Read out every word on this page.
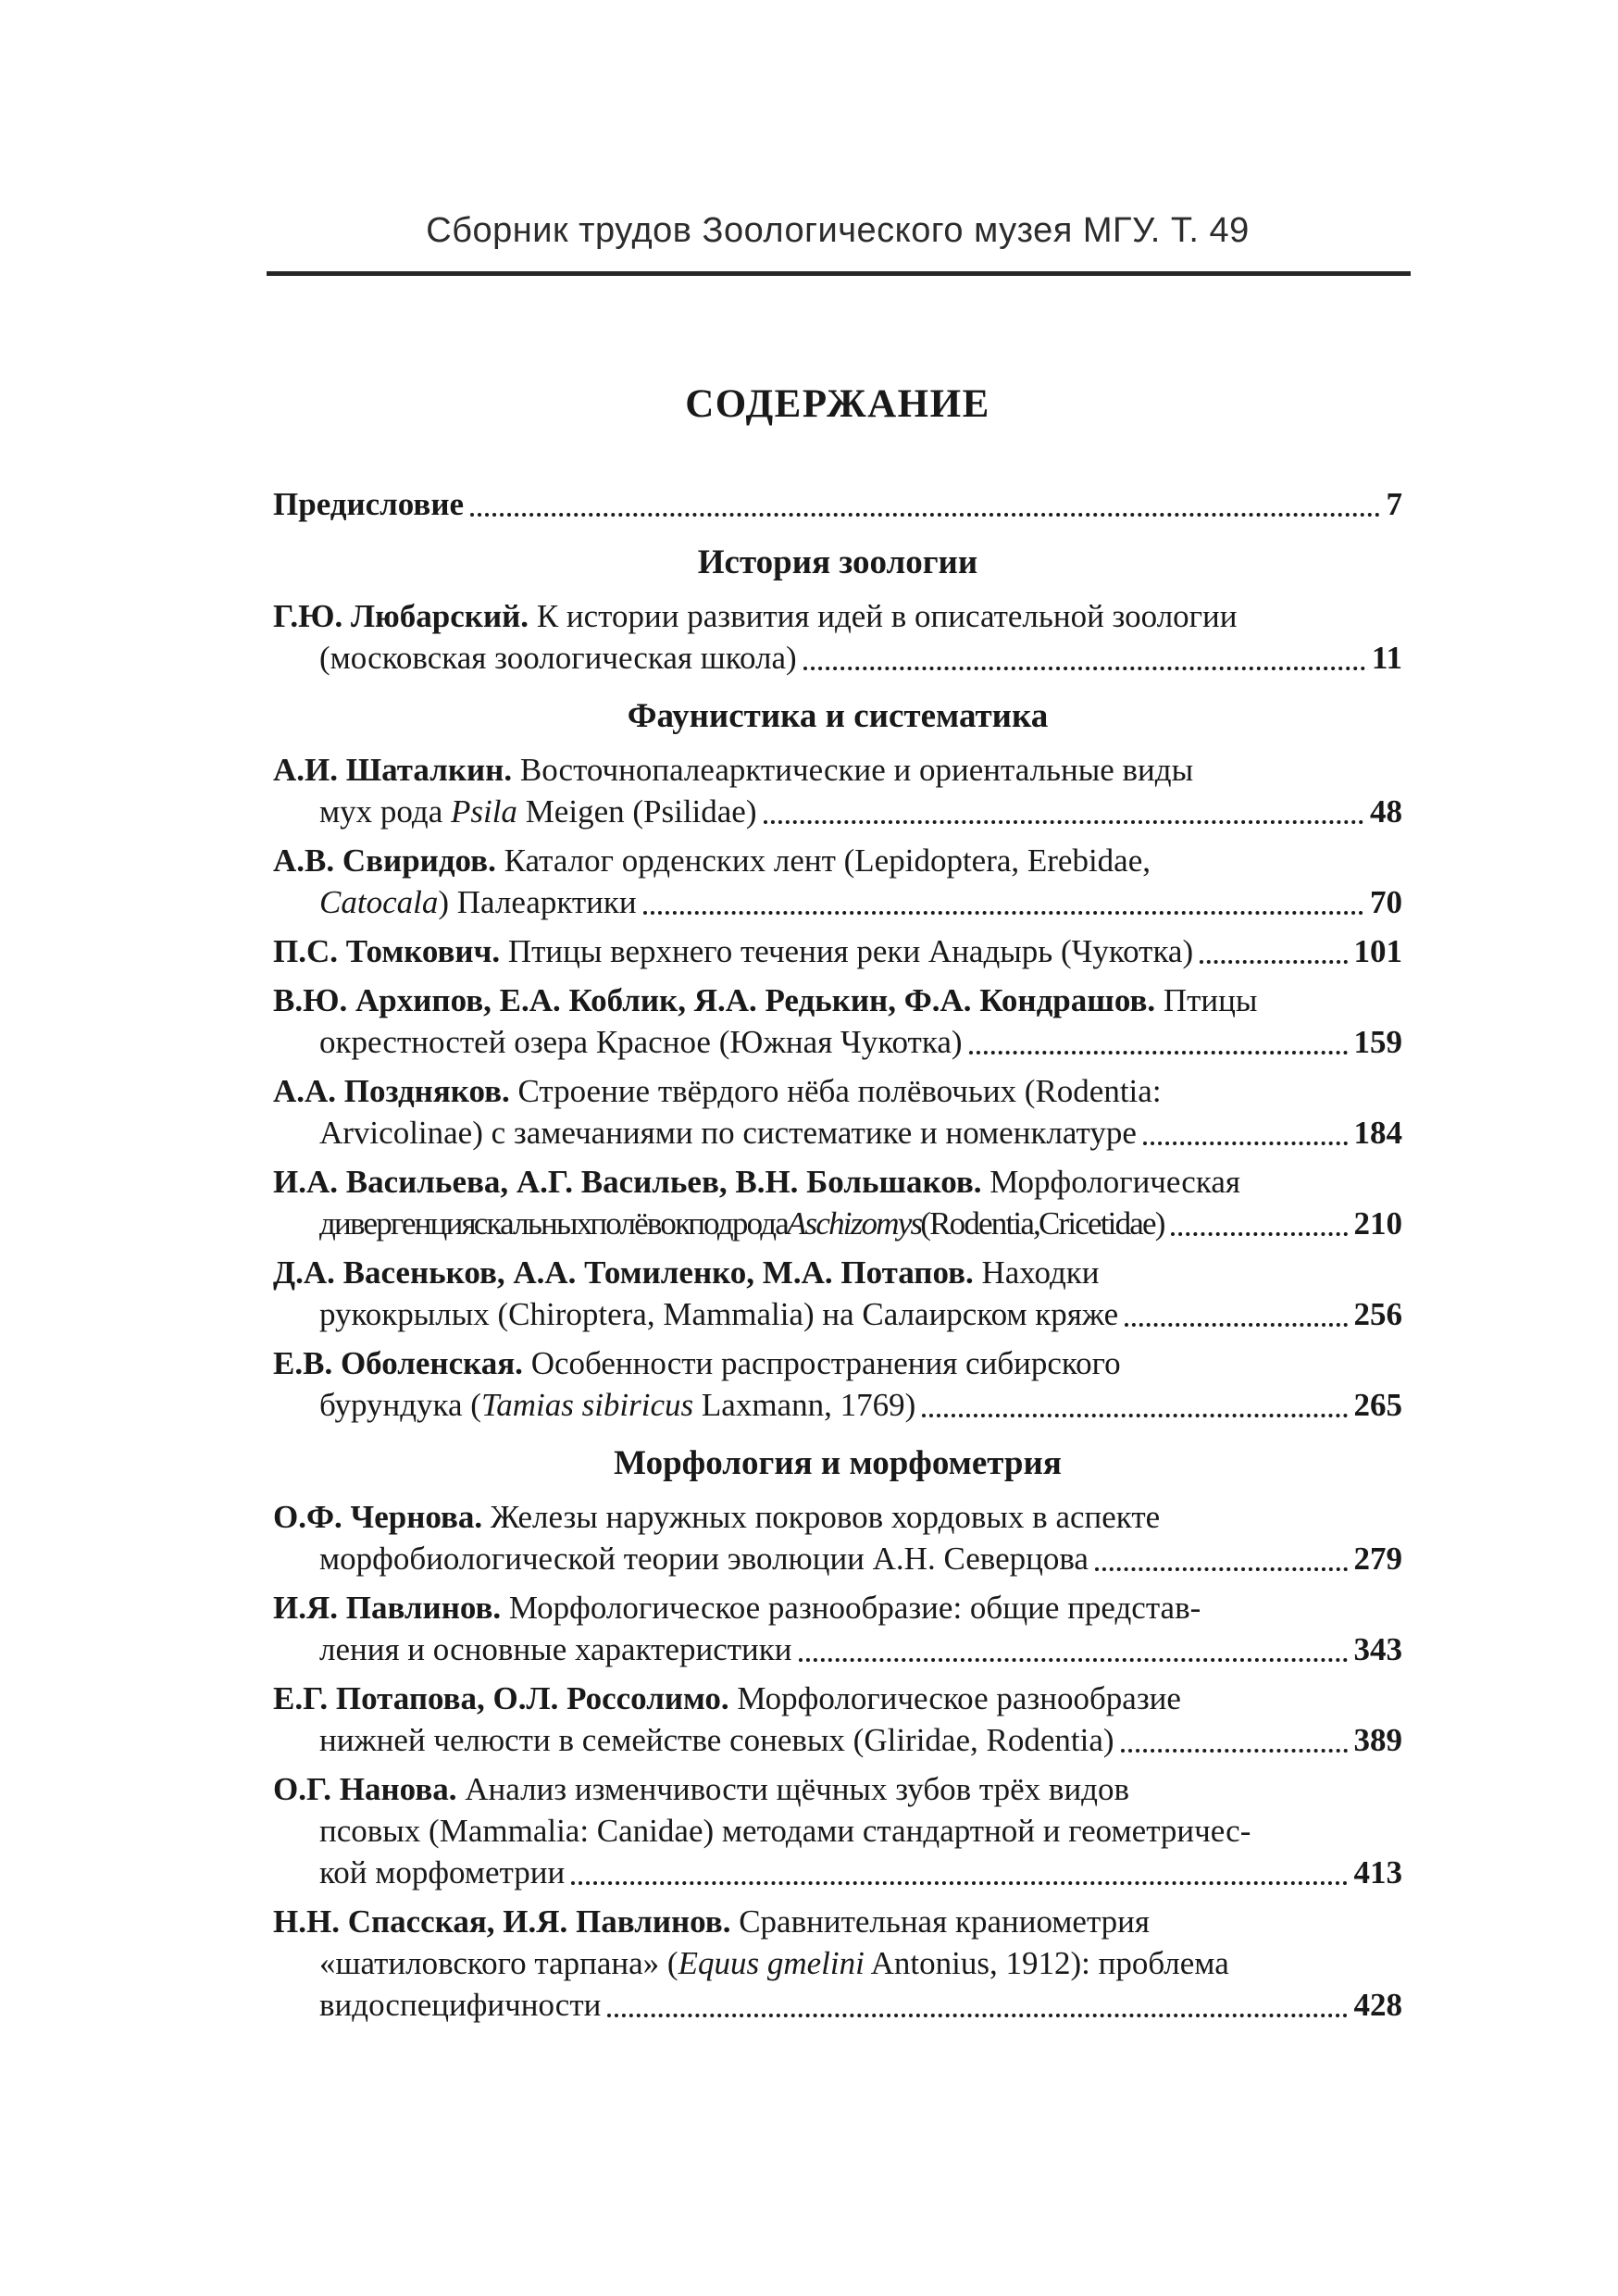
Сборник трудов Зоологического музея МГУ. Т. 49
СОДЕРЖАНИЕ
Предисловие	7
История зоологии
Г.Ю. Любарский. К истории развития идей в описательной зоологии
(московская зоологическая школа)	11
Фаунистика и систематика
А.И. Шаталкин. Восточнопалеарктические и ориентальные виды
мух рода Psila Meigen (Psilidae)	48
А.В. Свиридов. Каталог орденских лент (Lepidoptera, Erebidae,
Catocala ) Палеарктики	70
П.С. Томкович. Птицы верхнего течения реки Анадырь (Чукотка)	101
В.Ю. Архипов, Е.А. Коблик, Я.А. Редькин, Ф.А. Кондрашов. Птицы
окрестностей озера Красное (Южная Чукотка)	159
А.А. Поздняков. Строение твёрдого нёба полёвочьих (Rodentia:
Arvicolinae) с замечаниями по систематике и номенклатуре	184
И.А. Васильева, А.Г. Васильев, В.Н. Большаков. Морфологическая
дивергенция скальных полёвок подрода Aschizomys (Rodentia, Cricetidae)	210
Д.А. Васеньков, А.А. Томиленко, М.А. Потапов. Находки
рукокрылых (Chiroptera, Mammalia) на Салаирском кряже	256
Е.В. Оболенская. Особенности распространения сибирского
бурундука ( Tamias sibiricus Laxmann, 1769)	265
Морфология и морфометрия
О.Ф. Чернова. Железы наружных покровов хордовых в аспекте
морфобиологической теории эволюции А.Н. Северцова	279
И.Я. Павлинов. Морфологическое разнообразие: общие представ-
ления и основные характеристики	343
Е.Г. Потапова, О.Л. Россолимо. Морфологическое разнообразие
нижней челюсти в семействе соневых (Gliridae, Rodentia)	389
О.Г. Нанова. Анализ изменчивости щёчных зубов трёх видов
псовых (Mammalia: Canidae) методами стандартной и геометричес-
кой морфометрии	413
Н.Н. Спасская, И.Я. Павлинов. Сравнительная краниометрия
«шатиловского тарпана» ( Equus gmelini Antonius, 1912): проблема
видоспецифичности	428
